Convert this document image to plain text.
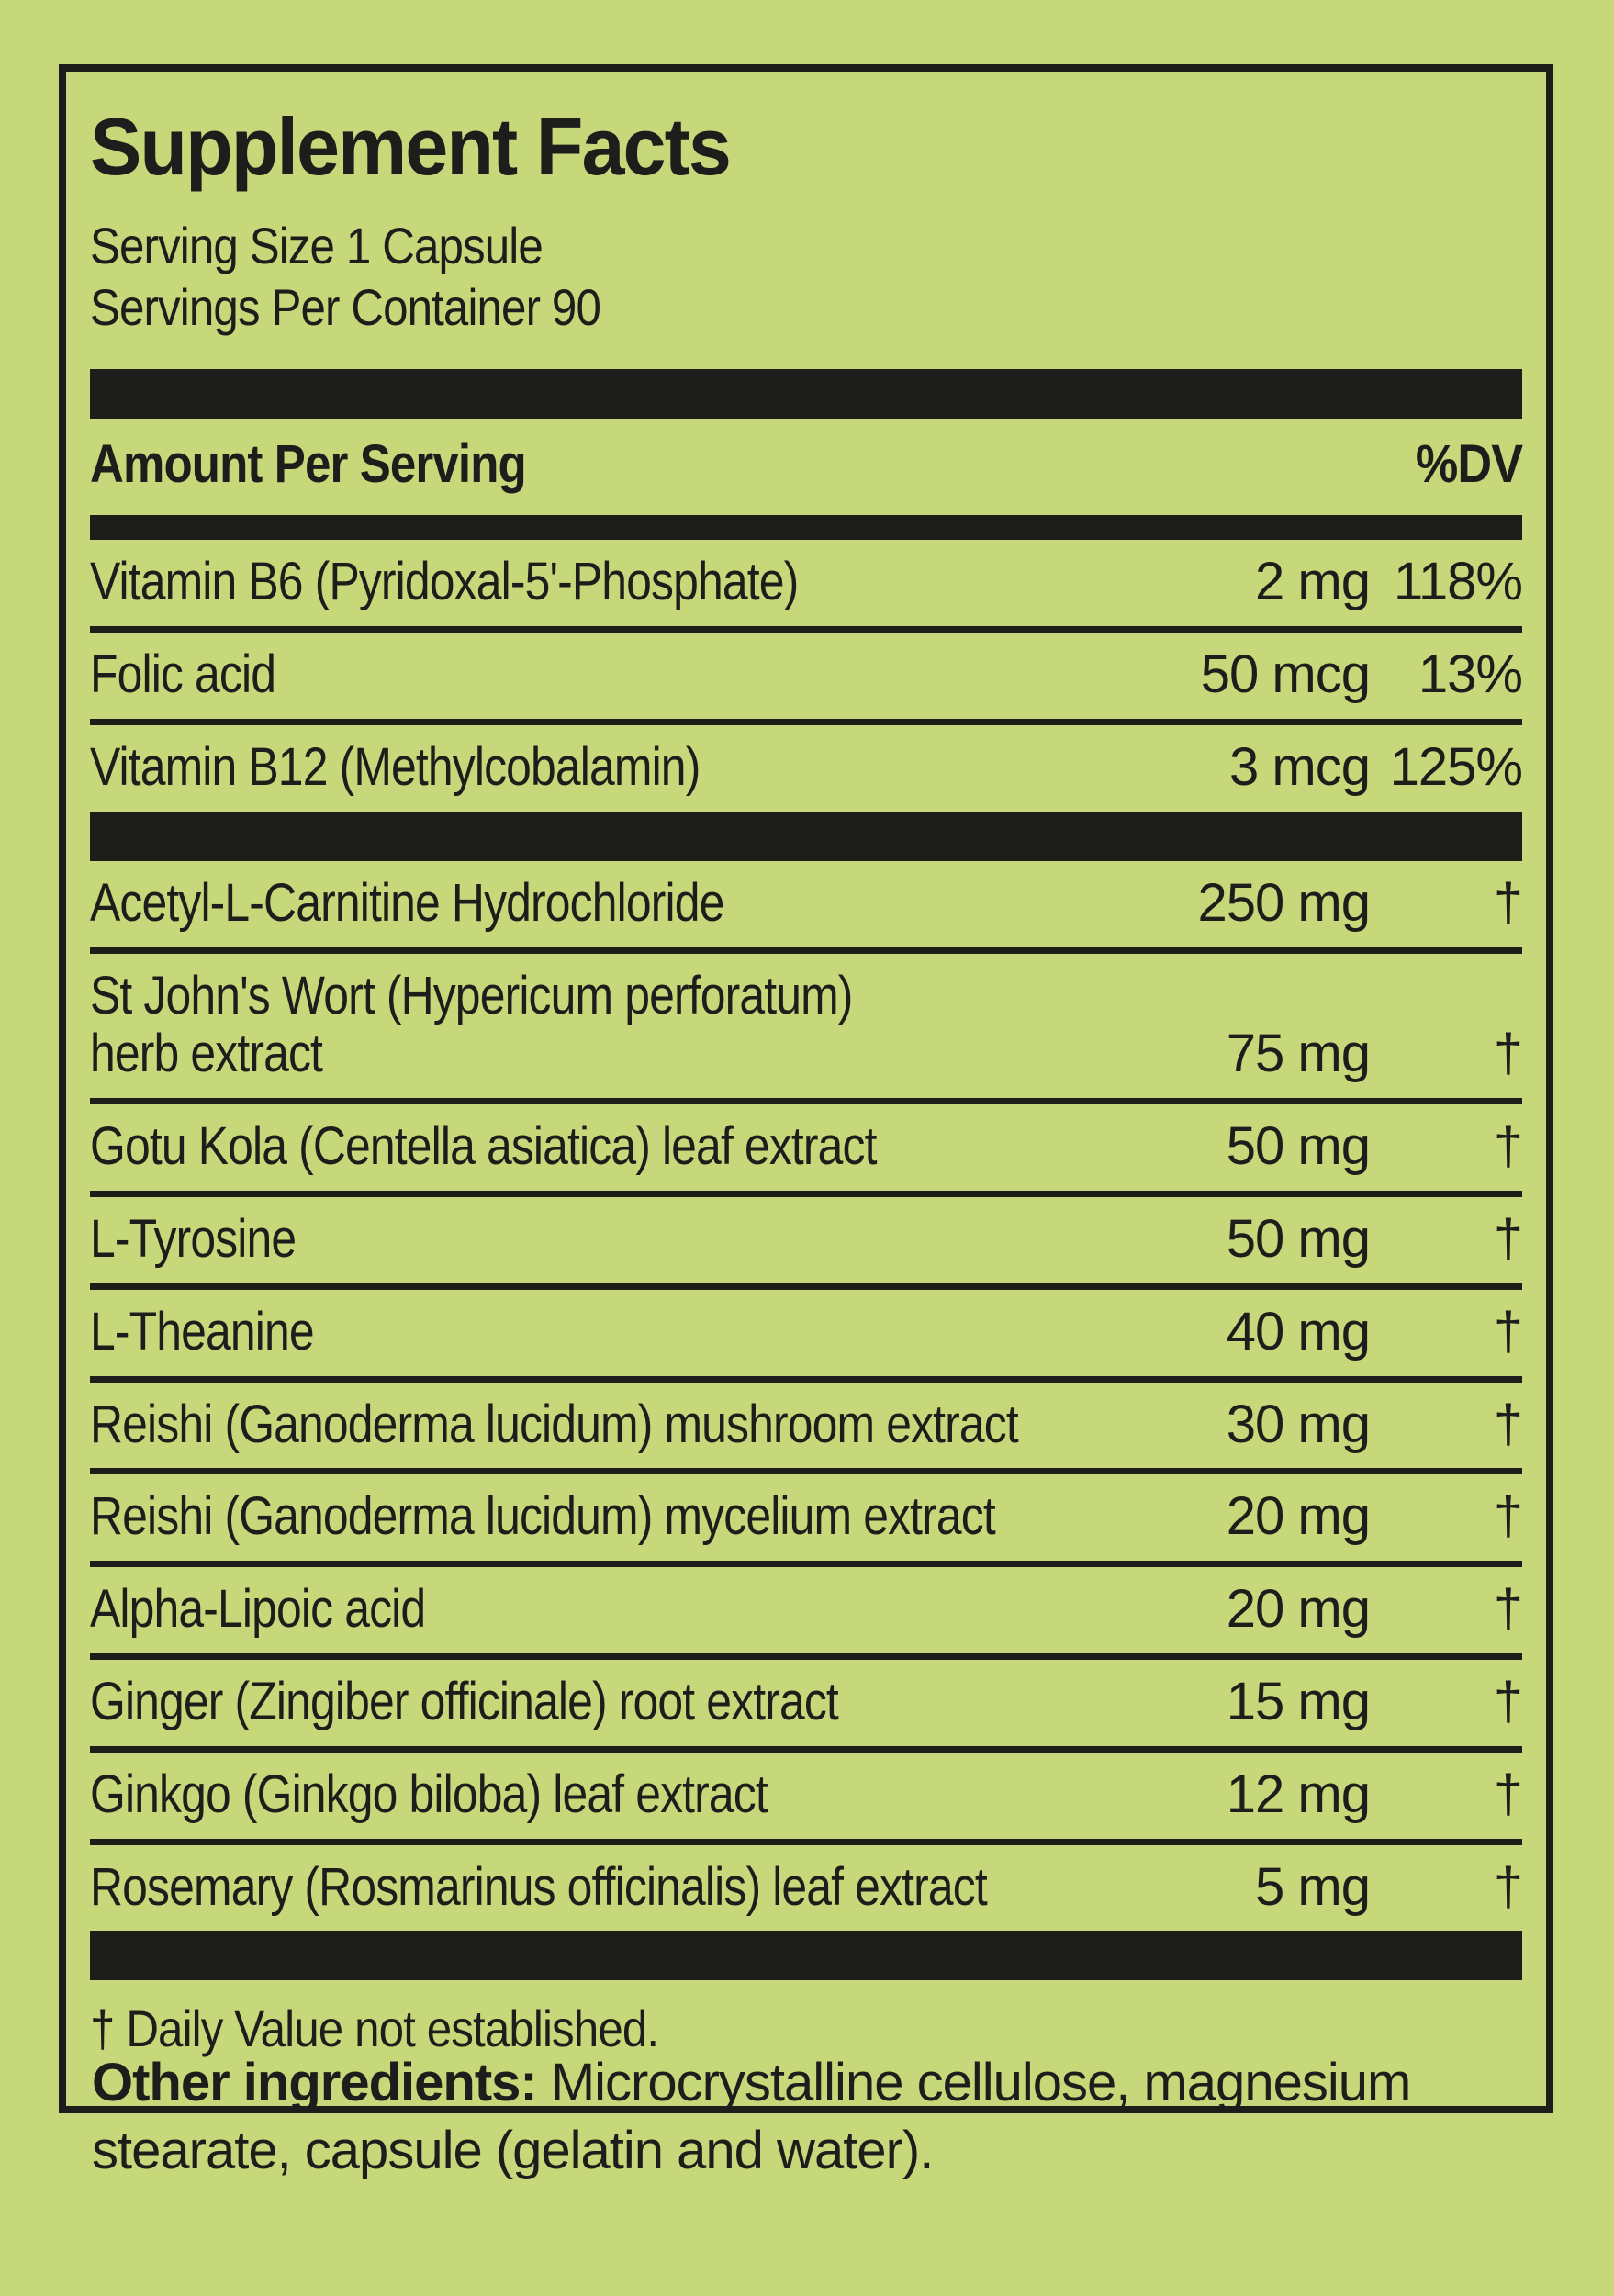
Supplement Facts
Serving Size 1 Capsule
Servings Per Container 90
Amount Per Serving	%DV
Vitamin B6 (Pyridoxal-5'-Phosphate)	2 mg 118%
Folic acid	50 mcg 13%
Vitamin B12 (Methylcobalamin)	3 mcg 125%
Acetyl-L-Carnitine Hydrochloride	250 mg	†
St John's Wort (Hypericum perforatum)
herb extract	75 mg	†
Gotu Kola (Centella asiatica) leaf extract	50 mg	†
L-Tyrosine	50 mg	†
L-Theanine	40 mg	†
Reishi (Ganoderma lucidum) mushroom extract	30 mg	†
Reishi (Ganoderma lucidum) mycelium extract	20 mg	†
Alpha-Lipoic acid	20 mg	†
Ginger (Zingiber officinale) root extract	15 mg	†
Ginkgo (Ginkgo biloba) leaf extract	12 mg	†
Rosemary (Rosmarinus officinalis) leaf extract	5 mg	†
† Daily Value not established.
Other ingredients: Microcrystalline cellulose, magnesium stearate, capsule (gelatin and water).
